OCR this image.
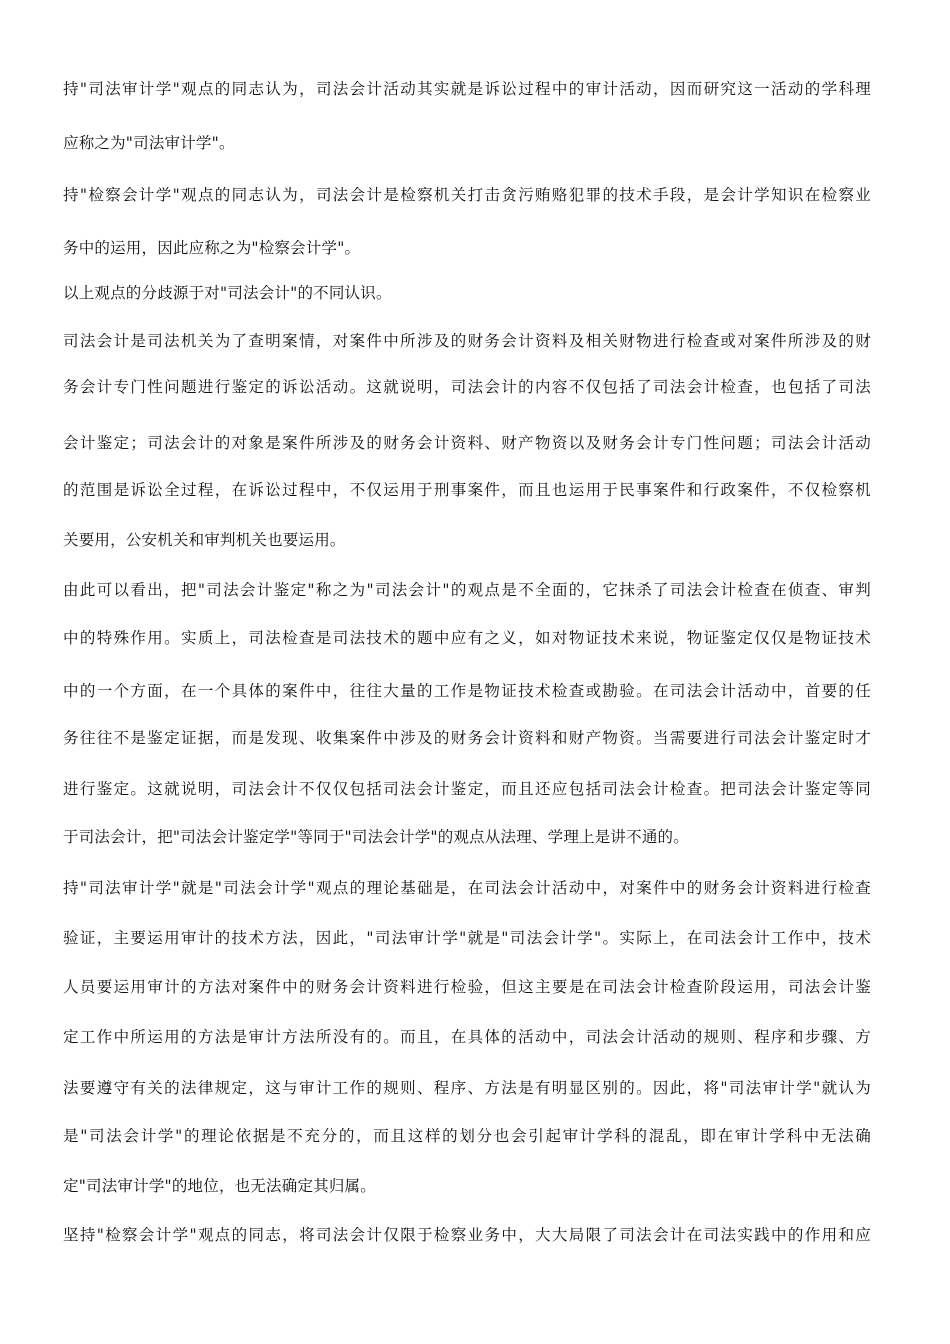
持"司法审计学"观点的同志认为，司法会计活动其实就是诉讼过程中的审计活动，因而研究这一活动的学科理
应称之为"司法审计学"。
持"检察会计学"观点的同志认为，司法会计是检察机关打击贪污贿赂犯罪的技术手段，是会计学知识在检察业
务中的运用，因此应称之为"检察会计学"。
以上观点的分歧源于对"司法会计"的不同认识。
司法会计是司法机关为了查明案情，对案件中所涉及的财务会计资料及相关财物进行检查或对案件所涉及的财
务会计专门性问题进行鉴定的诉讼活动。这就说明，司法会计的内容不仅包括了司法会计检查，也包括了司法
会计鉴定；司法会计的对象是案件所涉及的财务会计资料、财产物资以及财务会计专门性问题；司法会计活动
的范围是诉讼全过程，在诉讼过程中，不仅运用于刑事案件，而且也运用于民事案件和行政案件，不仅检察机
关要用，公安机关和审判机关也要运用。
由此可以看出，把"司法会计鉴定"称之为"司法会计"的观点是不全面的，它抹杀了司法会计检查在侦查、审判
中的特殊作用。实质上，司法检查是司法技术的题中应有之义，如对物证技术来说，物证鉴定仅仅是物证技术
中的一个方面，在一个具体的案件中，往往大量的工作是物证技术检查或勘验。在司法会计活动中，首要的任
务往往不是鉴定证据，而是发现、收集案件中涉及的财务会计资料和财产物资。当需要进行司法会计鉴定时才
进行鉴定。这就说明，司法会计不仅仅包括司法会计鉴定，而且还应包括司法会计检查。把司法会计鉴定等同
于司法会计，把"司法会计鉴定学"等同于"司法会计学"的观点从法理、学理上是讲不通的。
持"司法审计学"就是"司法会计学"观点的理论基础是，在司法会计活动中，对案件中的财务会计资料进行检查
验证，主要运用审计的技术方法，因此，"司法审计学"就是"司法会计学"。实际上，在司法会计工作中，技术
人员要运用审计的方法对案件中的财务会计资料进行检验，但这主要是在司法会计检查阶段运用，司法会计鉴
定工作中所运用的方法是审计方法所没有的。而且，在具体的活动中，司法会计活动的规则、程序和步骤、方
法要遵守有关的法律规定，这与审计工作的规则、程序、方法是有明显区别的。因此，将"司法审计学"就认为
是"司法会计学"的理论依据是不充分的，而且这样的划分也会引起审计学科的混乱，即在审计学科中无法确
定"司法审计学"的地位，也无法确定其归属。
坚持"检察会计学"观点的同志，将司法会计仅限于检察业务中，大大局限了司法会计在司法实践中的作用和应
